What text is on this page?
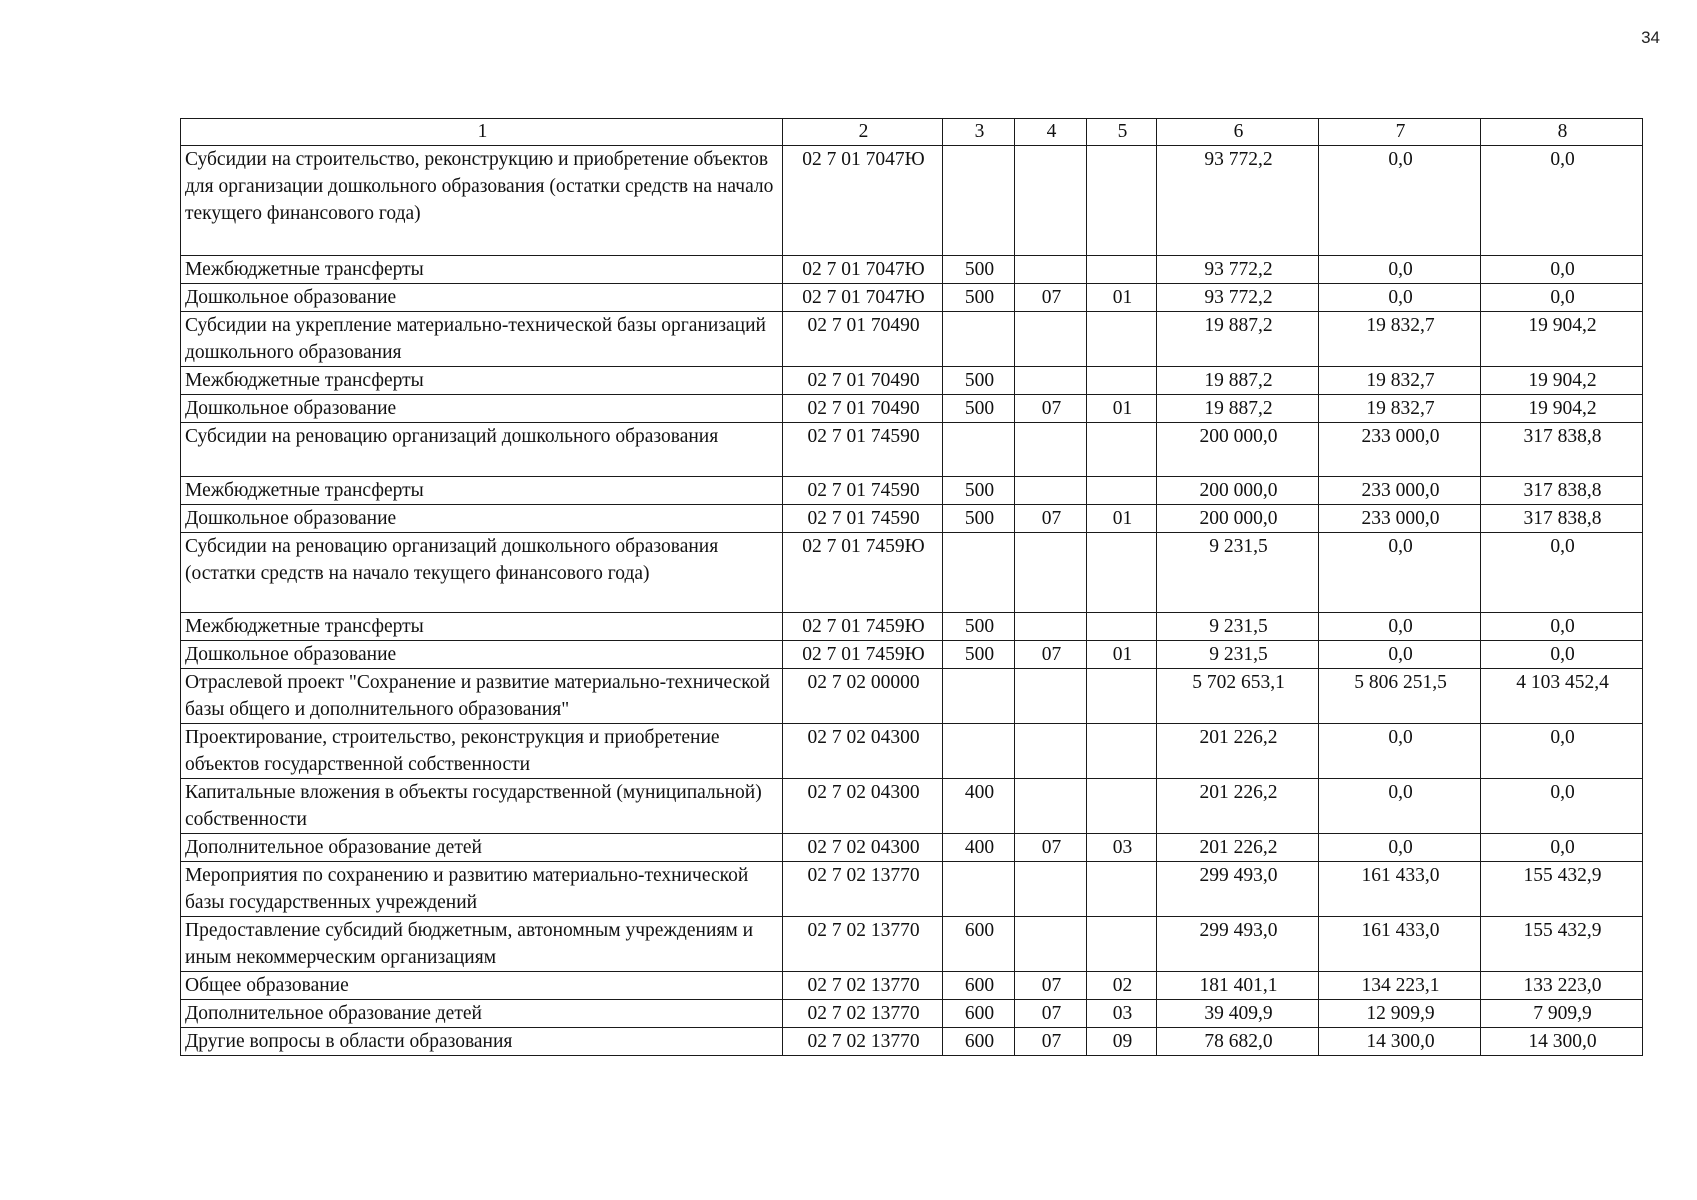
34
1	2	3	4	5	6	7	8
Субсидии на строительство, реконструкцию и приобретение объектов для организации дошкольного образования (остатки средств на начало текущего финансового года)	02 7 01 7047Ю				93 772,2	0,0	0,0
Межбюджетные трансферты	02 7 01 7047Ю	500			93 772,2	0,0	0,0
Дошкольное образование	02 7 01 7047Ю	500	07	01	93 772,2	0,0	0,0
Субсидии на укрепление материально-технической базы организаций дошкольного образования	02 7 01 70490				19 887,2	19 832,7	19 904,2
Межбюджетные трансферты	02 7 01 70490	500			19 887,2	19 832,7	19 904,2
Дошкольное образование	02 7 01 70490	500	07	01	19 887,2	19 832,7	19 904,2
Субсидии на реновацию организаций дошкольного образования	02 7 01 74590				200 000,0	233 000,0	317 838,8
Межбюджетные трансферты	02 7 01 74590	500			200 000,0	233 000,0	317 838,8
Дошкольное образование	02 7 01 74590	500	07	01	200 000,0	233 000,0	317 838,8
Субсидии на реновацию организаций дошкольного образования (остатки средств на начало текущего финансового года)	02 7 01 7459Ю				9 231,5	0,0	0,0
Межбюджетные трансферты	02 7 01 7459Ю	500			9 231,5	0,0	0,0
Дошкольное образование	02 7 01 7459Ю	500	07	01	9 231,5	0,0	0,0
Отраслевой проект "Сохранение и развитие материально-технической базы общего и дополнительного образования"	02 7 02 00000				5 702 653,1	5 806 251,5	4 103 452,4
Проектирование, строительство, реконструкция и приобретение объектов государственной собственности	02 7 02 04300				201 226,2	0,0	0,0
Капитальные вложения в объекты государственной (муниципальной) собственности	02 7 02 04300	400			201 226,2	0,0	0,0
Дополнительное образование детей	02 7 02 04300	400	07	03	201 226,2	0,0	0,0
Мероприятия по сохранению и развитию материально-технической базы государственных учреждений	02 7 02 13770				299 493,0	161 433,0	155 432,9
Предоставление субсидий бюджетным, автономным учреждениям и иным некоммерческим организациям	02 7 02 13770	600			299 493,0	161 433,0	155 432,9
Общее образование	02 7 02 13770	600	07	02	181 401,1	134 223,1	133 223,0
Дополнительное образование детей	02 7 02 13770	600	07	03	39 409,9	12 909,9	7 909,9
Другие вопросы в области образования	02 7 02 13770	600	07	09	78 682,0	14 300,0	14 300,0
